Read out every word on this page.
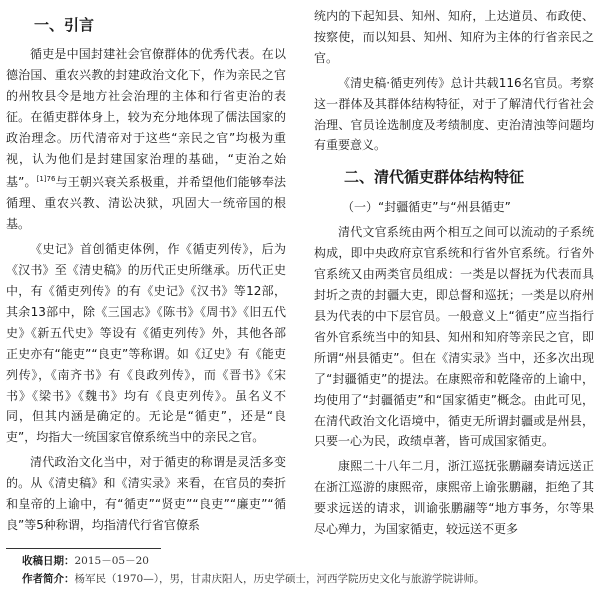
一、引言

循吏是中国封建社会官僚群体的优秀代表。在以德治国、重农兴教的封建政治文化下，作为亲民之官的州牧县令是地方社会治理的主体和行省吏治的表征。在循吏群体身上，较为充分地体现了儒法国家的政治理念。历代清帝对于这些“亲民之官”均极为重视，认为他们是封建国家治理的基础，“吏治之始基”。$^{[1]76}$与王朝兴衰关系极重，并希望他们能够奉法循理、重农兴教、清讼决狱，巩固大一统帝国的根基。

《史记》首创循吏体例，作《循吏列传》，后为《汉书》至《清史稿》的历代正史所继承。历代正史中，有《循吏列传》的有《史记》《汉书》等12部，其余13部中，除《三国志》《陈书》《周书》《旧五代史》《新五代史》等设有《循吏列传》外，其他各部正史亦有“能吏”“良吏”等称谓。如《辽史》有《能吏列传》，《南齐书》有《良政列传》，而《晋书》《宋书》《梁书》《魏书》均有《良吏列传》。虽名义不同，但其内涵是确定的。无论是“循吏”，还是“良吏”，均指大一统国家官僚系统当中的亲民之官。

清代政治文化当中，对于循吏的称谓是灵活多变的。从《清史稿》和《清实录》来看，在官员的奏折和皇帝的上谕中，有“循吏”“贤吏”“良吏”“廉吏”“循良”等5种称谓，均指清代行省官僚系

统内的下起知县、知州、知府，上达道员、布政使、按察使，而以知县、知州、知府为主体的行省亲民之官。

《清史稿·循吏列传》总计共载116名官员。考察这一群体及其群体结构特征，对于了解清代行省社会治理、官员诠选制度及考绩制度、吏治清浊等问题均有重要意义。

二、清代循吏群体结构特征
（一）“封疆循吏”与“州县循吏”

清代文官系统由两个相互之间可以流动的子系统构成，即中央政府京官系统和行省外官系统。行省外官系统又由两类官员组成：一类是以督抚为代表而具封圻之责的封疆大吏，即总督和巡抚；一类是以府州县为代表的中下层官员。一般意义上“循吏”应当指行省外官系统当中的知县、知州和知府等亲民之官，即所谓“州县循吏”。但在《清实录》当中，还多次出现了“封疆循吏”的提法。在康熙帝和乾隆帝的上谕中，均使用了“封疆循吏”和“国家循吏”概念。由此可见，在清代政治文化语境中，循吏无所谓封疆或是州县，只要一心为民，政绩卓著，皆可成国家循吏。

康熙二十八年二月，浙江巡抚张鹏翮奏请远送正在浙江巡游的康熙帝，康熙帝上谕张鹏翮，拒绝了其要求远送的请求，训谕张鹏翮等“地方事务，尔等果尽心殚力，为国家循吏，较远送不更多

收稿日期：2015－05－20
作者简介：杨军民（1970—），男，甘肃庆阳人，历史学硕士，河西学院历史文化与旅游学院讲师。
